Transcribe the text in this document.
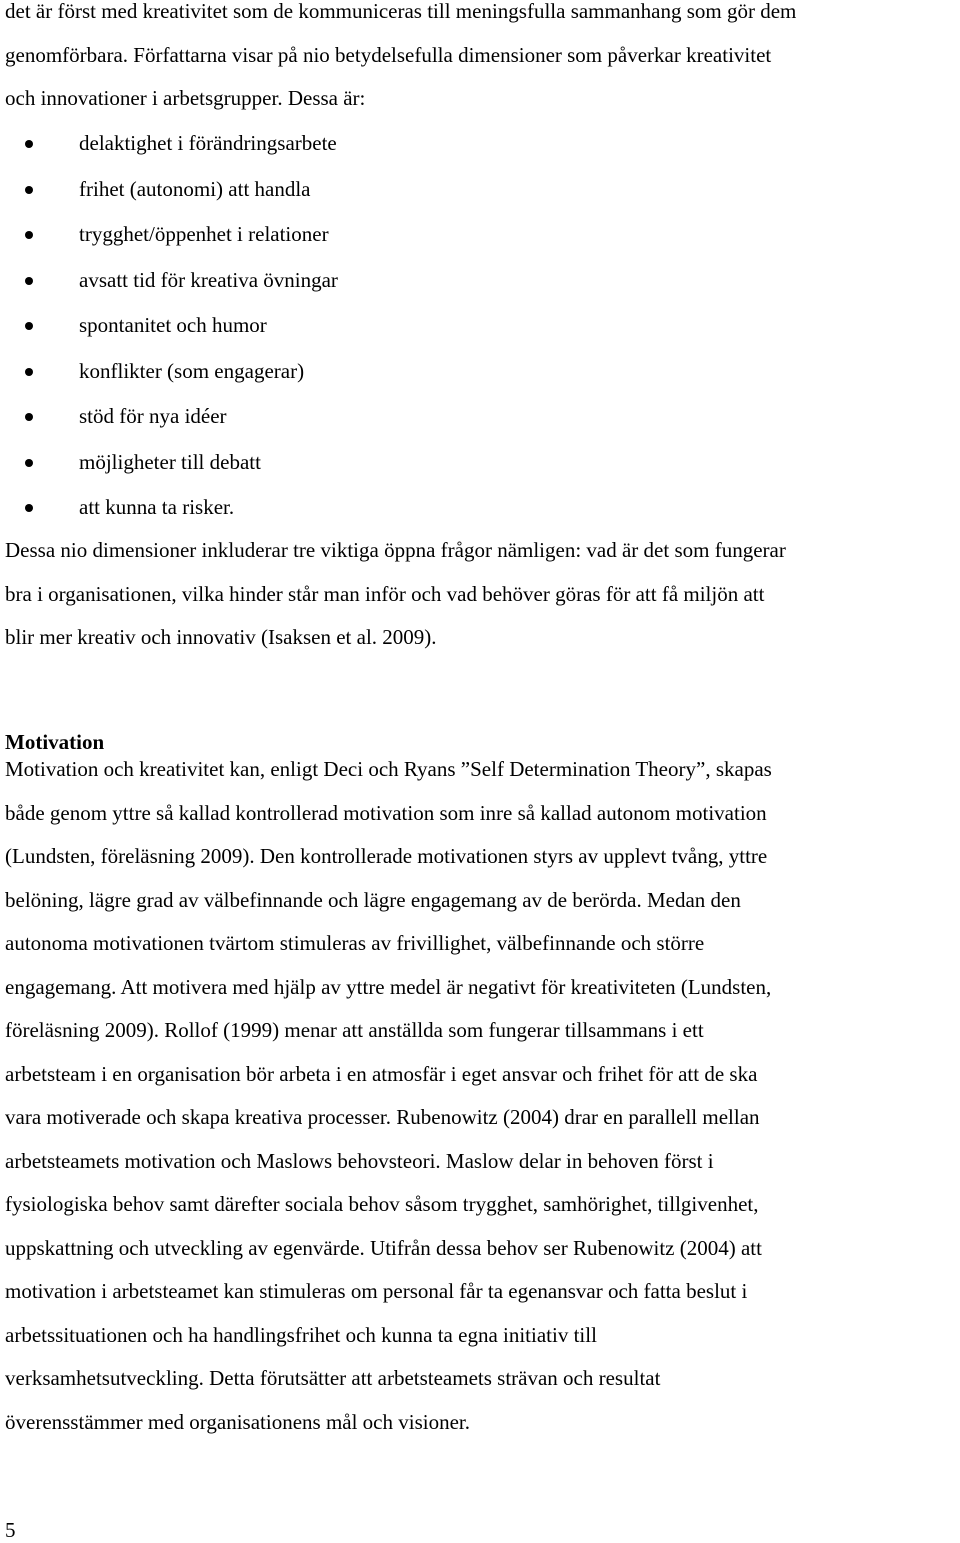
det är först med kreativitet som de kommuniceras till meningsfulla sammanhang som gör dem

genomförbara. Författarna visar på nio betydelsefulla dimensioner som påverkar kreativitet

och innovationer i arbetsgrupper. Dessa är:

delaktighet i förändringsarbete
frihet (autonomi) att handla
trygghet/öppenhet i relationer
avsatt tid för kreativa övningar
spontanitet och humor
konflikter (som engagerar)
stöd för nya idéer
möjligheter till debatt
att kunna ta risker.

Dessa nio dimensioner inkluderar tre viktiga öppna frågor nämligen: vad är det som fungerar

bra i organisationen, vilka hinder står man inför och vad behöver göras för att få miljön att

blir mer kreativ och innovativ (Isaksen et al. 2009).

Motivation

Motivation och kreativitet kan, enligt Deci och Ryans ”Self Determination Theory”, skapas

både genom yttre så kallad kontrollerad motivation som inre så kallad autonom motivation

(Lundsten, föreläsning 2009). Den kontrollerade motivationen styrs av upplevt tvång, yttre

belöning, lägre grad av välbefinnande och lägre engagemang av de berörda. Medan den

autonoma motivationen tvärtom stimuleras av frivillighet, välbefinnande och större

engagemang. Att motivera med hjälp av yttre medel är negativt för kreativiteten (Lundsten,

föreläsning 2009). Rollof (1999) menar att anställda som fungerar tillsammans i ett

arbetsteam i en organisation bör arbeta i en atmosfär i eget ansvar och frihet för att de ska

vara motiverade och skapa kreativa processer. Rubenowitz (2004) drar en parallell mellan

arbetsteamets motivation och Maslows behovsteori. Maslow delar in behoven först i

fysiologiska behov samt därefter sociala behov såsom trygghet, samhörighet, tillgivenhet,

uppskattning och utveckling av egenvärde. Utifrån dessa behov ser Rubenowitz (2004) att

motivation i arbetsteamet kan stimuleras om personal får ta egenansvar och fatta beslut i

arbetssituationen och ha handlingsfrihet och kunna ta egna initiativ till

verksamhetsutveckling. Detta förutsätter att arbetsteamets strävan och resultat

överensstämmer med organisationens mål och visioner.

5
